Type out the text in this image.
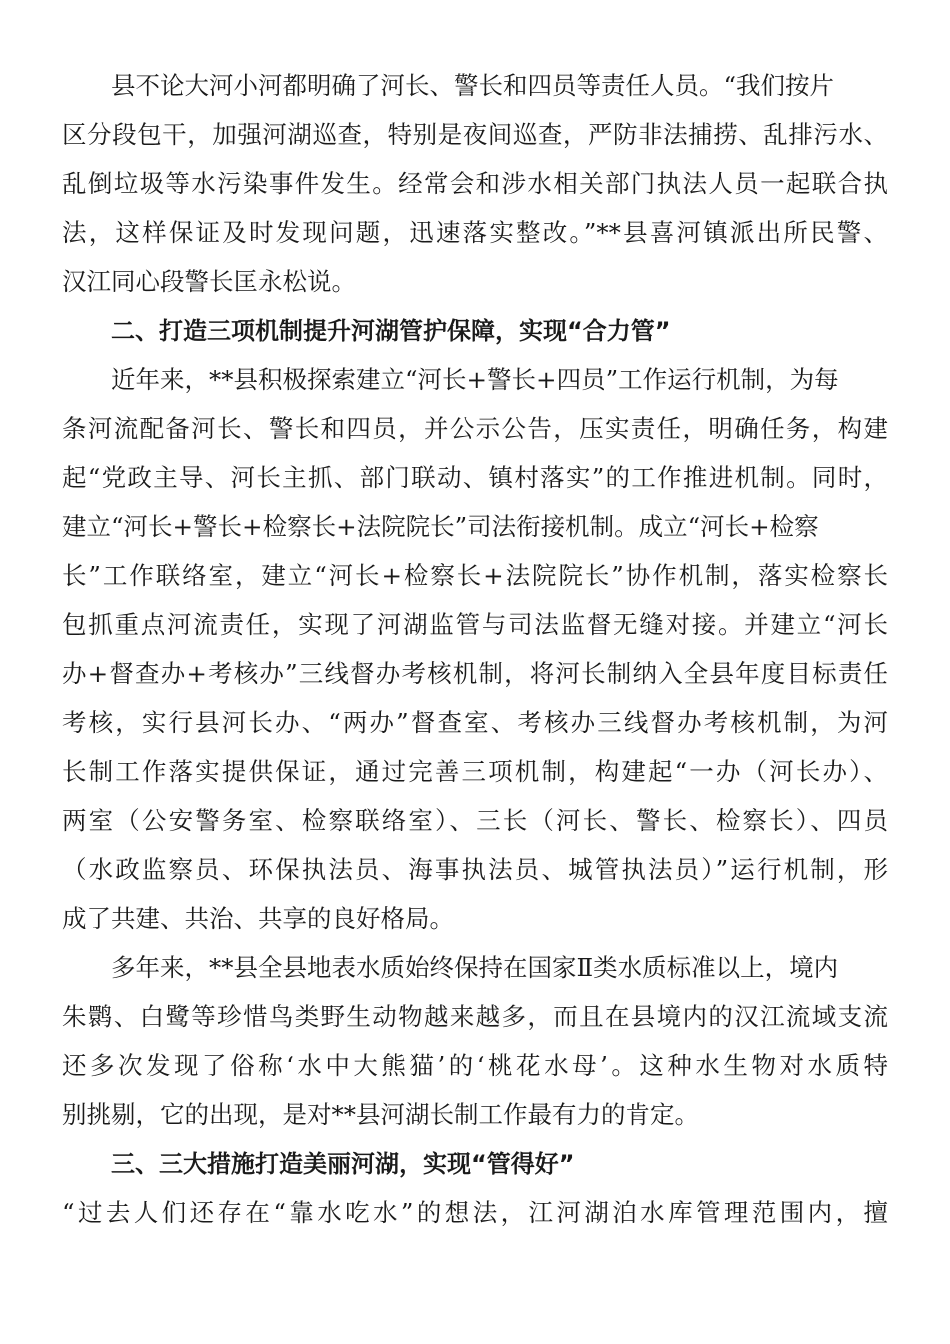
县不论大河小河都明确了河长、警长和四员等责任人员。“我们按片
区分段包干，加强河湖巡查，特别是夜间巡查，严防非法捕捞、乱排污水、
乱倒垃圾等水污染事件发生。经常会和涉水相关部门执法人员一起联合执
法，这样保证及时发现问题，迅速落实整改。”**县喜河镇派出所民警、
汉江同心段警长匡永松说。
二、打造三项机制提升河湖管护保障，实现“合力管”
近年来，**县积极探索建立“河长+警长+四员”工作运行机制，为每
条河流配备河长、警长和四员，并公示公告，压实责任，明确任务，构建
起“党政主导、河长主抓、部门联动、镇村落实”的工作推进机制。同时，
建立“河长+警长+检察长+法院院长”司法衔接机制。成立“河长+检察
长”工作联络室，建立“河长+检察长+法院院长”协作机制，落实检察长
包抓重点河流责任，实现了河湖监管与司法监督无缝对接。并建立“河长
办+督查办+考核办”三线督办考核机制，将河长制纳入全县年度目标责任
考核，实行县河长办、“两办”督查室、考核办三线督办考核机制，为河
长制工作落实提供保证，通过完善三项机制，构建起“一办（河长办）、
两室（公安警务室、检察联络室）、三长（河长、警长、检察长）、四员
（水政监察员、环保执法员、海事执法员、城管执法员）”运行机制，形
成了共建、共治、共享的良好格局。
多年来，**县全县地表水质始终保持在国家Ⅱ类水质标准以上，境内
朱鹮、白鹭等珍惜鸟类野生动物越来越多，而且在县境内的汉江流域支流
还多次发现了俗称‘水中大熊猫’的‘桃花水母’。这种水生物对水质特
别挑剔，它的出现，是对**县河湖长制工作最有力的肯定。
三、三大措施打造美丽河湖，实现“管得好”
“过去人们还存在“靠水吃水”的想法，江河湖泊水库管理范围内，擅
